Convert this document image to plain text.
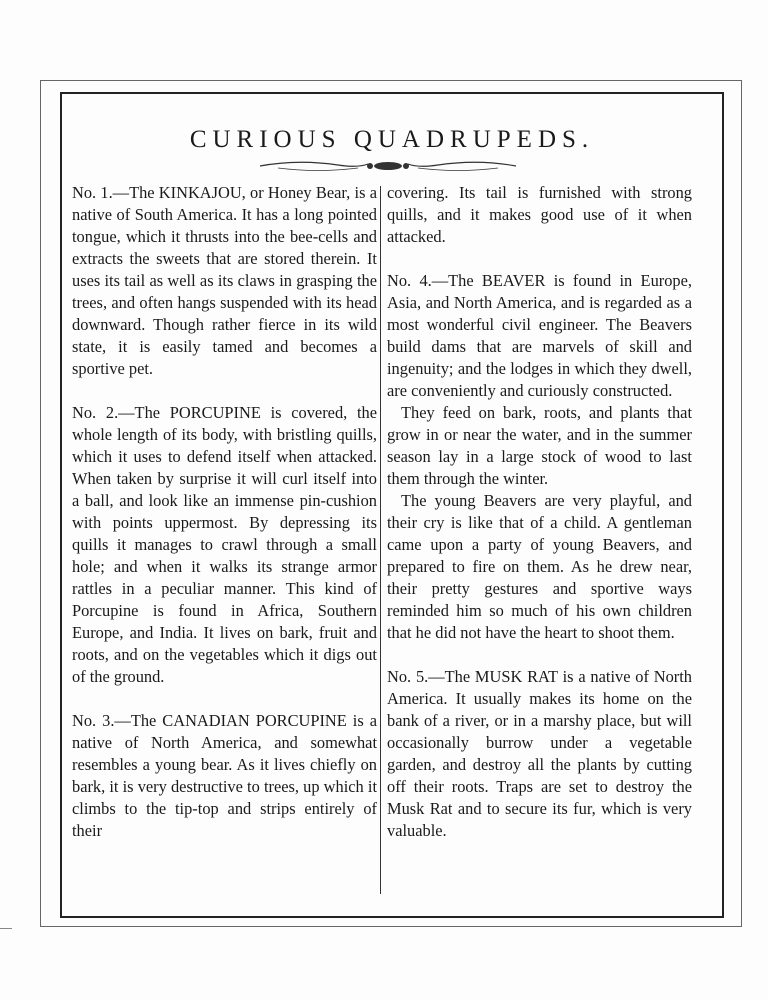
CURIOUS QUADRUPEDS.

No. 1.—The KINKAJOU, or Honey Bear, is a native of South America. It has a long pointed tongue, which it thrusts into the bee-cells and extracts the sweets that are stored therein. It uses its tail as well as its claws in grasping the trees, and often hangs suspended with its head downward. Though rather fierce in its wild state, it is easily tamed and becomes a sportive pet.

No. 2.—The PORCUPINE is covered, the whole length of its body, with bristling quills, which it uses to defend itself when attacked. When taken by surprise it will curl itself into a ball, and look like an immense pin-cushion with points uppermost. By depressing its quills it manages to crawl through a small hole; and when it walks its strange armor rattles in a peculiar manner. This kind of Porcupine is found in Africa, Southern Europe, and India. It lives on bark, fruit and roots, and on the vegetables which it digs out of the ground.

No. 3.—The CANADIAN PORCUPINE is a native of North America, and somewhat resembles a young bear. As it lives chiefly on bark, it is very destructive to trees, up which it climbs to the tip-top and strips entirely of their

covering. Its tail is furnished with strong quills, and it makes good use of it when attacked.

No. 4.—The BEAVER is found in Europe, Asia, and North America, and is regarded as a most wonderful civil engineer. The Beavers build dams that are marvels of skill and ingenuity; and the lodges in which they dwell, are conveniently and curiously constructed.

They feed on bark, roots, and plants that grow in or near the water, and in the summer season lay in a large stock of wood to last them through the winter.

The young Beavers are very playful, and their cry is like that of a child. A gentleman came upon a party of young Beavers, and prepared to fire on them. As he drew near, their pretty gestures and sportive ways reminded him so much of his own children that he did not have the heart to shoot them.

No. 5.—The MUSK RAT is a native of North America. It usually makes its home on the bank of a river, or in a marshy place, but will occasionally burrow under a vegetable garden, and destroy all the plants by cutting off their roots. Traps are set to destroy the Musk Rat and to secure its fur, which is very valuable.
